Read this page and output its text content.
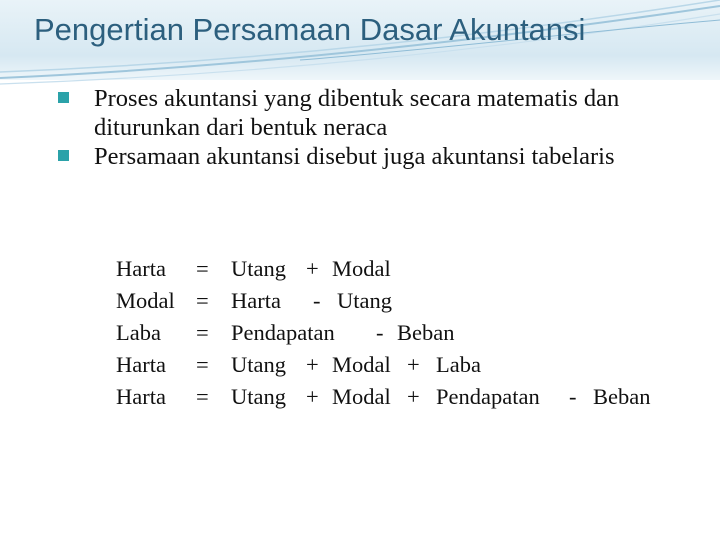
Pengertian Persamaan Dasar Akuntansi
Proses akuntansi yang dibentuk secara matematis dan diturunkan dari bentuk neraca
Persamaan akuntansi disebut juga akuntansi tabelaris
Harta = Utang + Modal
Modal = Harta - Utang
Laba = Pendapatan - Beban
Harta = Utang + Modal + Laba
Harta = Utang + Modal + Pendapatan - Beban
